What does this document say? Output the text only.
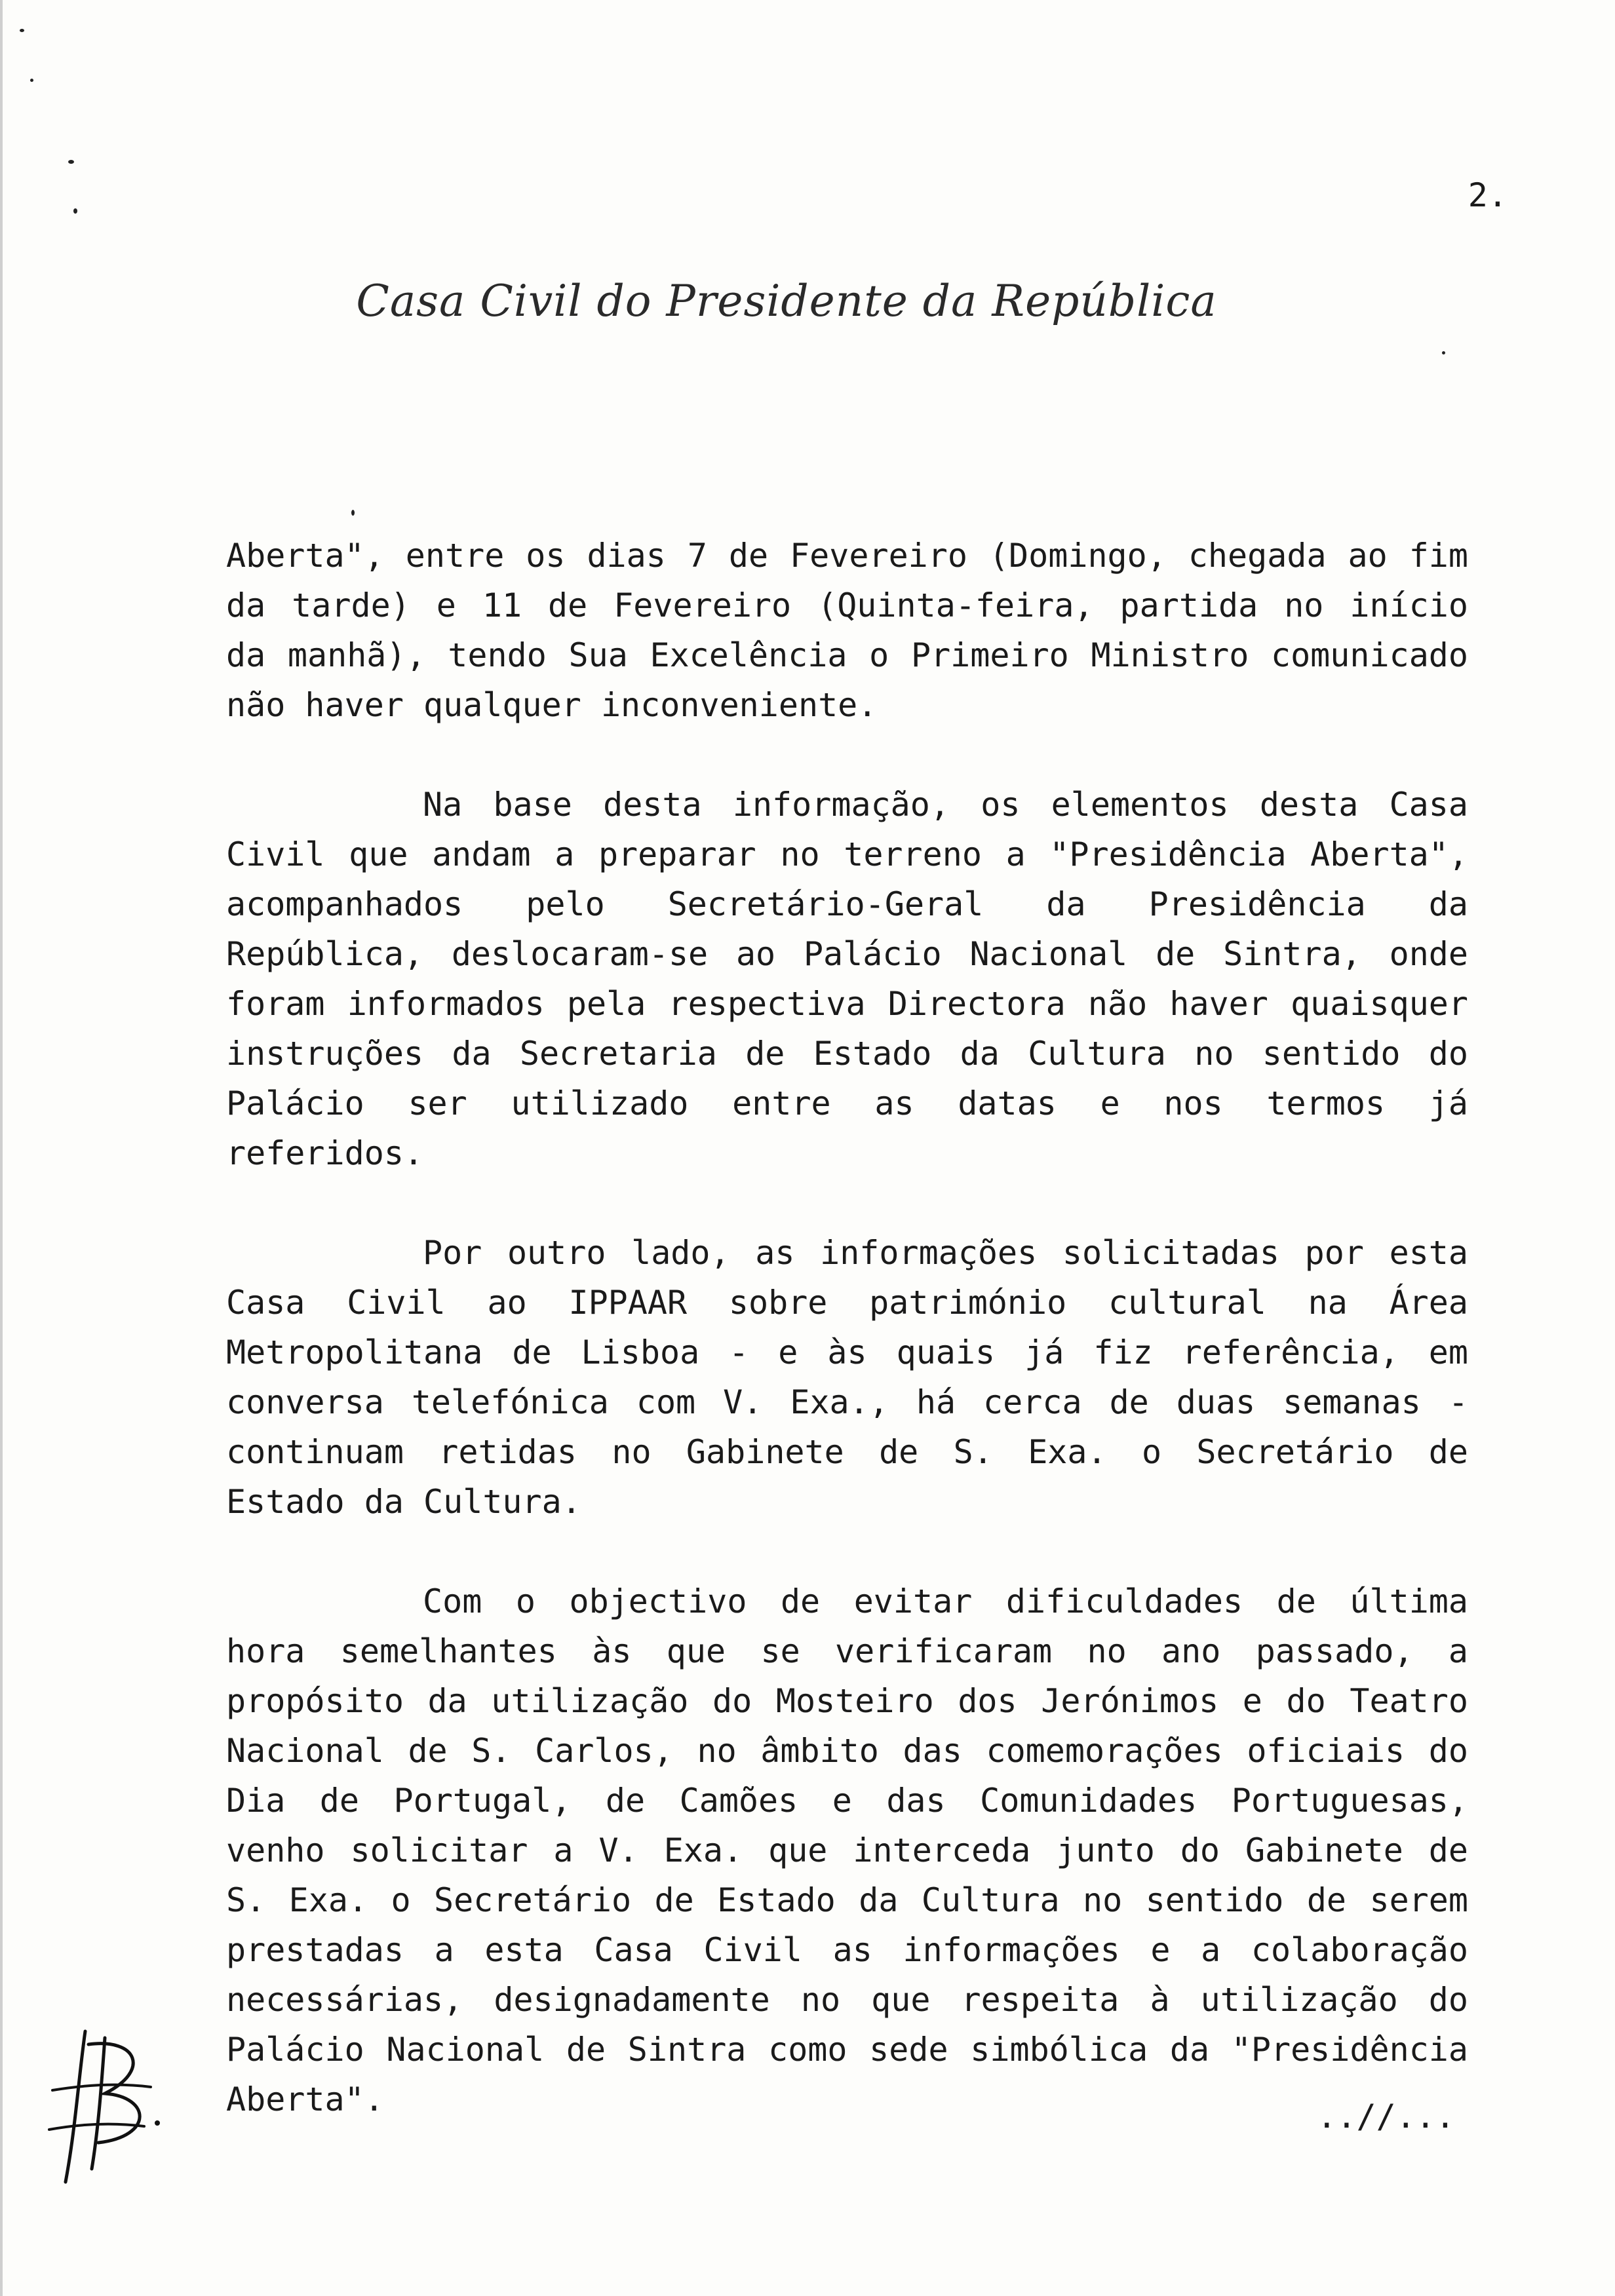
2.
Casa Civil do Presidente da República

Aberta", entre os dias 7 de Fevereiro (Domingo, chegada ao fim da tarde) e 11 de Fevereiro (Quinta-feira, partida no início da manhã), tendo Sua Excelência o Primeiro Ministro comunicado não haver qualquer inconveniente.

Na base desta informação, os elementos desta Casa Civil que andam a preparar no terreno a "Presidência Aberta", acompanhados pelo Secretário-Geral da Presidência da República, deslocaram-se ao Palácio Nacional de Sintra, onde foram informados pela respectiva Directora não haver quaisquer instruções da Secretaria de Estado da Cultura no sentido do Palácio ser utilizado entre as datas e nos termos já referidos.

Por outro lado, as informações solicitadas por esta Casa Civil ao IPPAAR sobre património cultural na Área Metropolitana de Lisboa - e às quais já fiz referência, em conversa telefónica com V. Exa., há cerca de duas semanas - continuam retidas no Gabinete de S. Exa. o Secretário de Estado da Cultura.

Com o objectivo de evitar dificuldades de última hora semelhantes às que se verificaram no ano passado, a propósito da utilização do Mosteiro dos Jerónimos e do Teatro Nacional de S. Carlos, no âmbito das comemorações oficiais do Dia de Portugal, de Camões e das Comunidades Portuguesas, venho solicitar a V. Exa. que interceda junto do Gabinete de S. Exa. o Secretário de Estado da Cultura no sentido de serem prestadas a esta Casa Civil as informações e a colaboração necessárias, designadamente no que respeita à utilização do Palácio Nacional de Sintra como sede simbólica da "Presidência Aberta".	..//...
